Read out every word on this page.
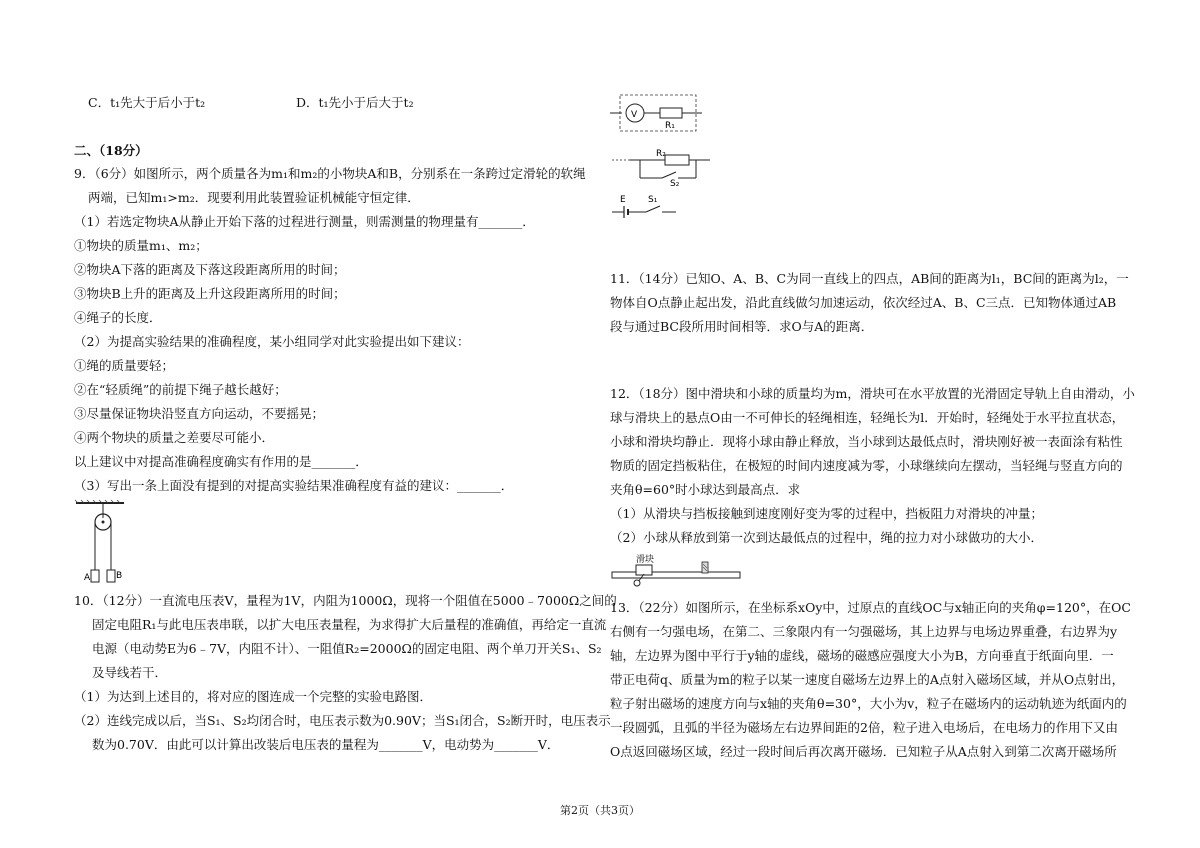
C．t₁先大于后小于t₂	D．t₁先小于后大于t₂
二、（18分）
9．（6分）如图所示，两个质量各为m₁和m₂的小物块A和B，分别系在一条跨过定滑轮的软绳
两端，已知m₁>m₂．现要利用此装置验证机械能守恒定律．
（1）若选定物块A从静止开始下落的过程进行测量，则需测量的物理量有_______．
①物块的质量m₁、m₂；
②物块A下落的距离及下落这段距离所用的时间；
③物块B上升的距离及上升这段距离所用的时间；
④绳子的长度．
（2）为提高实验结果的准确程度，某小组同学对此实验提出如下建议：
①绳的质量要轻；
②在“轻质绳”的前提下绳子越长越好；
③尽量保证物块沿竖直方向运动，不要摇晃；
④两个物块的质量之差要尽可能小．
以上建议中对提高准确程度确实有作用的是_______．
（3）写出一条上面没有提到的对提高实验结果准确程度有益的建议：_______．
A	B
10．（12分）一直流电压表V，量程为1V，内阻为1000Ω，现将一个阻值在5000﹣7000Ω之间的
固定电阻R₁与此电压表串联，以扩大电压表量程，为求得扩大后量程的准确值，再给定一直流
电源（电动势E为6﹣7V，内阻不计）、一阻值R₂=2000Ω的固定电阻、两个单刀开关S₁、S₂
及导线若干．
（1）为达到上述目的，将对应的图连成一个完整的实验电路图．
（2）连线完成以后，当S₁、S₂均闭合时，电压表示数为0.90V；当S₁闭合，S₂断开时，电压表示
数为0.70V．由此可以计算出改装后电压表的量程为_______V，电动势为_______V．
V
R₁
R₂
S₂
E S₁
11．（14分）已知O、A、B、C为同一直线上的四点，AB间的距离为l₁，BC间的距离为l₂，一
物体自O点静止起出发，沿此直线做匀加速运动，依次经过A、B、C三点．已知物体通过AB
段与通过BC段所用时间相等．求O与A的距离．
12．（18分）图中滑块和小球的质量均为m，滑块可在水平放置的光滑固定导轨上自由滑动，小
球与滑块上的悬点O由一不可伸长的轻绳相连，轻绳长为l．开始时，轻绳处于水平拉直状态，
小球和滑块均静止．现将小球由静止释放，当小球到达最低点时，滑块刚好被一表面涂有粘性
物质的固定挡板粘住，在极短的时间内速度减为零，小球继续向左摆动，当轻绳与竖直方向的
夹角θ=60°时小球达到最高点．求
（1）从滑块与挡板接触到速度刚好变为零的过程中，挡板阻力对滑块的冲量；
（2）小球从释放到第一次到达最低点的过程中，绳的拉力对小球做功的大小．
滑块
13．（22分）如图所示，在坐标系xOy中，过原点的直线OC与x轴正向的夹角φ=120°，在OC
右侧有一匀强电场，在第二、三象限内有一匀强磁场，其上边界与电场边界重叠，右边界为y
轴，左边界为图中平行于y轴的虚线，磁场的磁感应强度大小为B，方向垂直于纸面向里．一
带正电荷q、质量为m的粒子以某一速度自磁场左边界上的A点射入磁场区域，并从O点射出，
粒子射出磁场的速度方向与x轴的夹角θ=30°，大小为v，粒子在磁场内的运动轨迹为纸面内的
一段圆弧，且弧的半径为磁场左右边界间距的2倍，粒子进入电场后，在电场力的作用下又由
O点返回磁场区域，经过一段时间后再次离开磁场．已知粒子从A点射入到第二次离开磁场所
第2页（共3页）
